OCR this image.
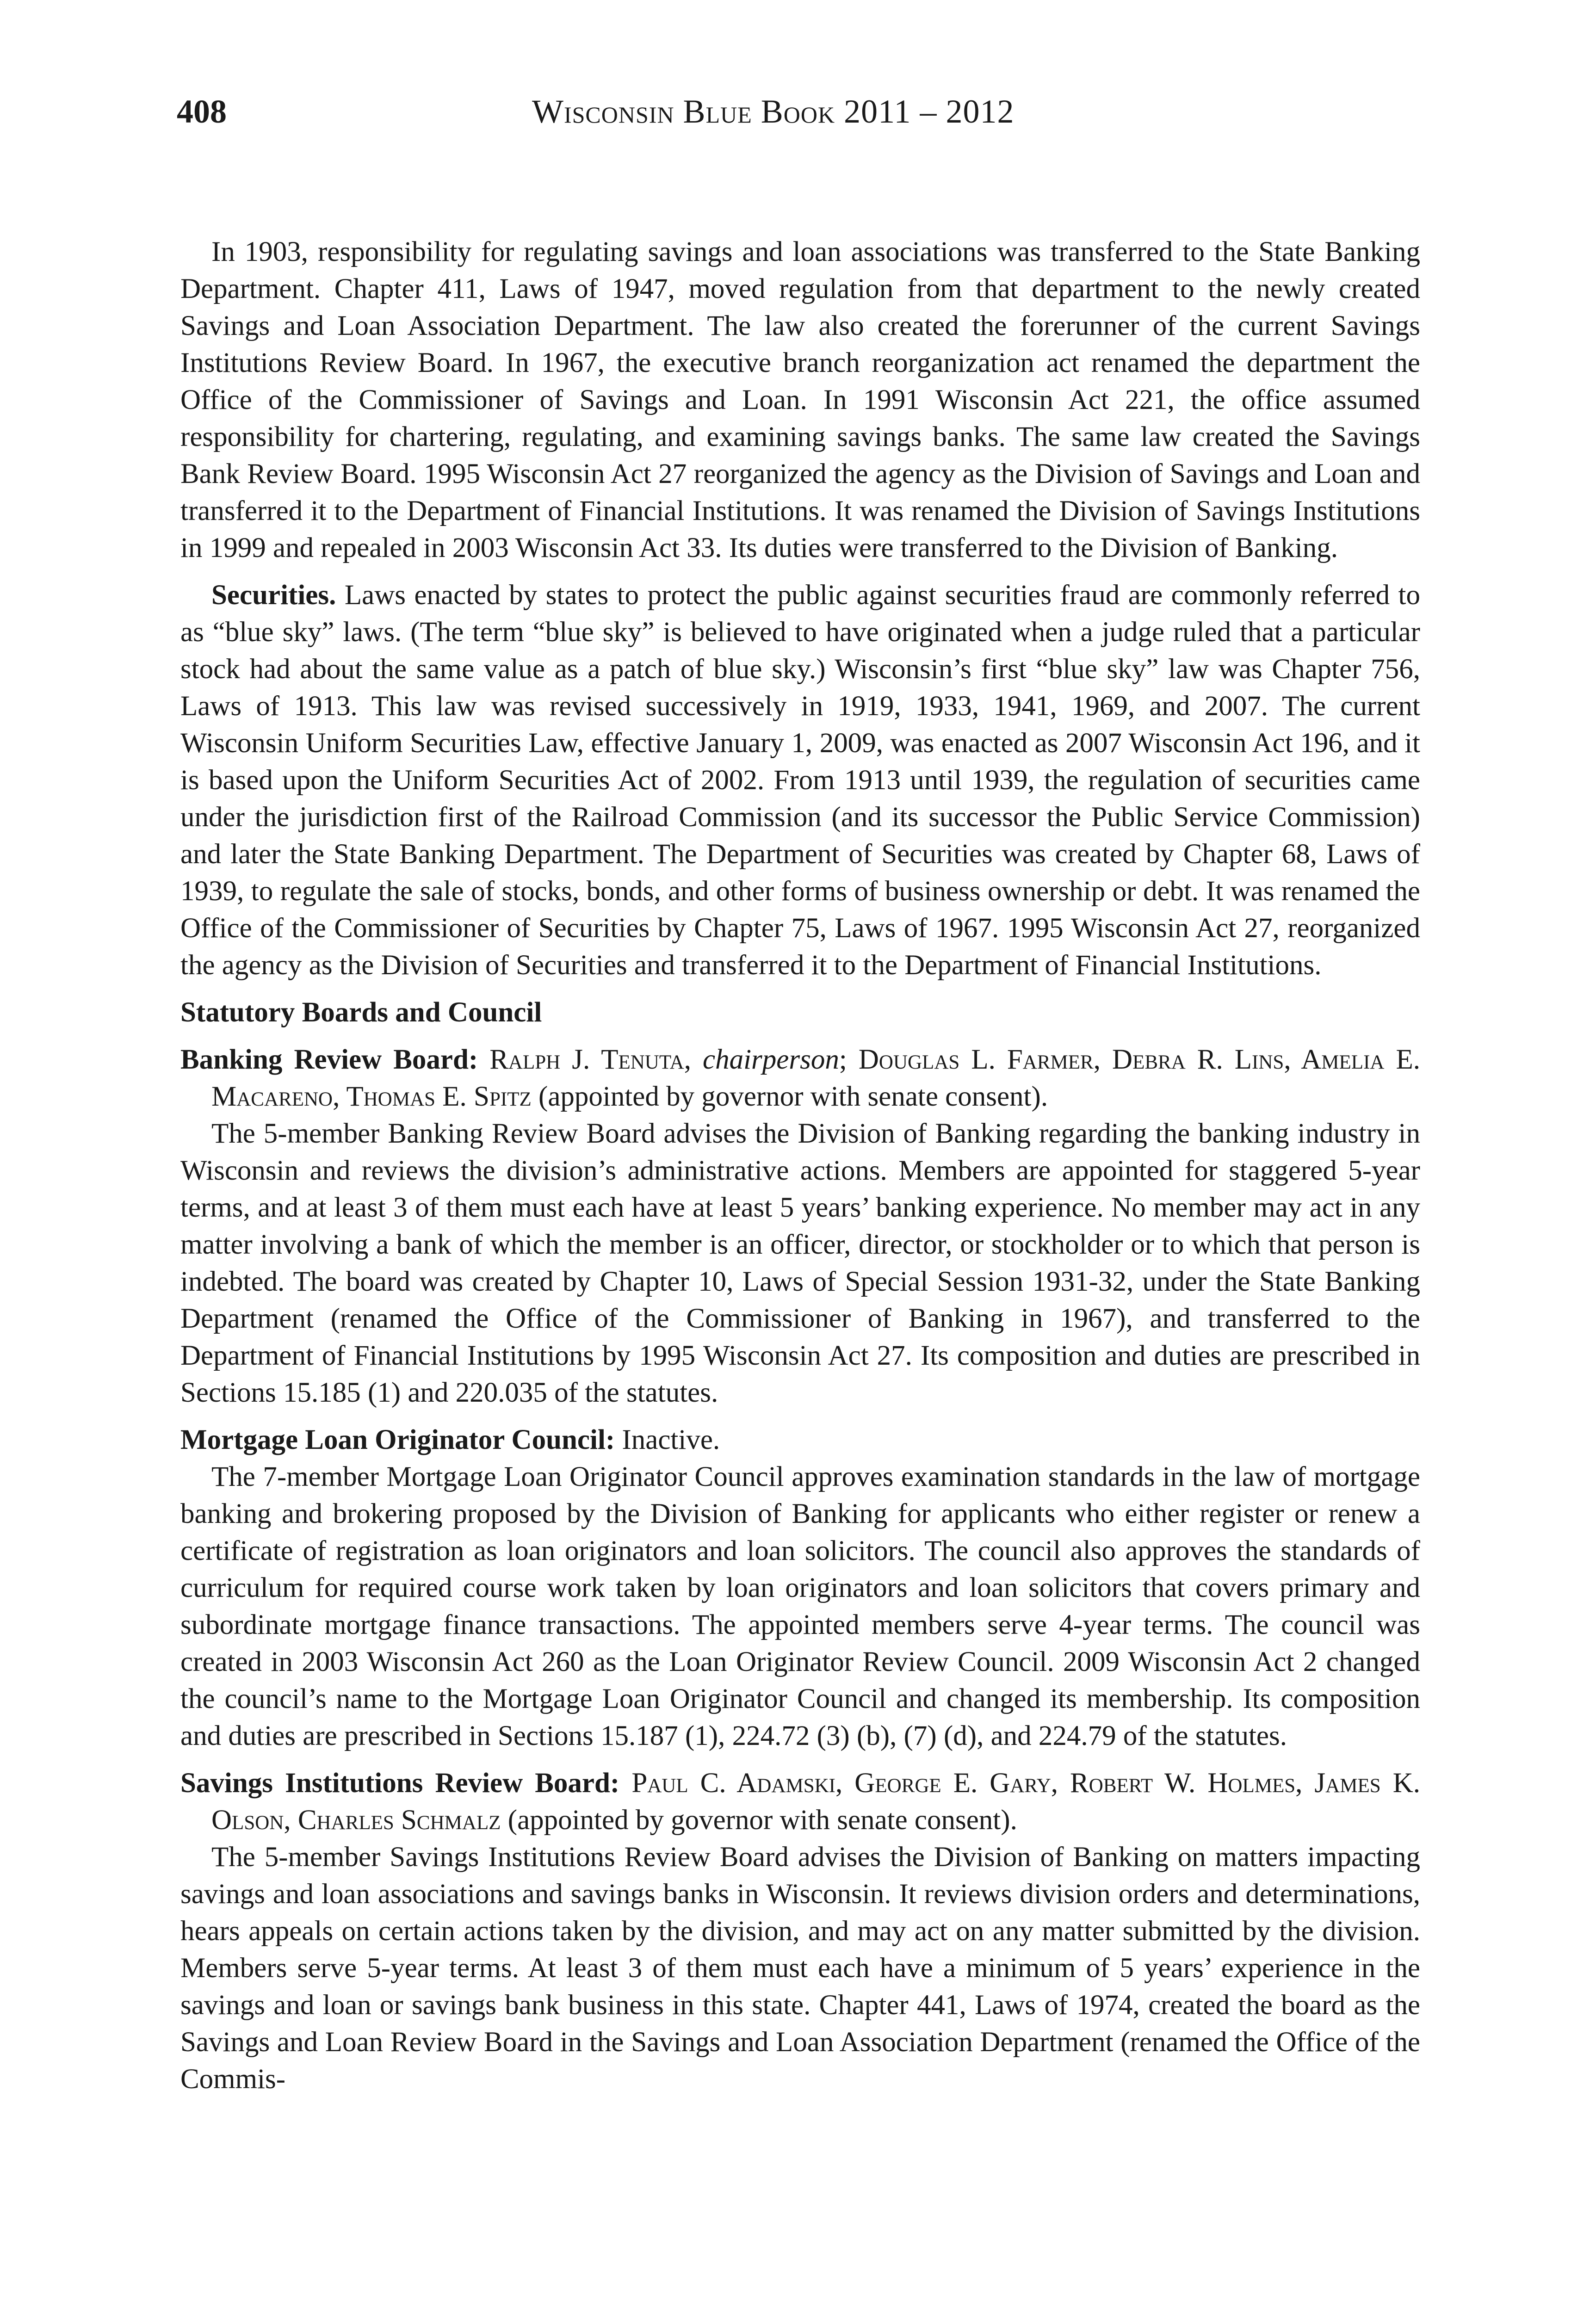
408	Wisconsin Blue Book 2011 – 2012

In 1903, responsibility for regulating savings and loan associations was transferred to the State Banking Department. Chapter 411, Laws of 1947, moved regulation from that department to the newly created Savings and Loan Association Department. The law also created the forerunner of the current Savings Institutions Review Board. In 1967, the executive branch reorganization act renamed the department the Office of the Commissioner of Savings and Loan. In 1991 Wisconsin Act 221, the office assumed responsibility for chartering, regulating, and examining savings banks. The same law created the Savings Bank Review Board. 1995 Wisconsin Act 27 reorganized the agency as the Division of Savings and Loan and transferred it to the Department of Financial Institutions. It was renamed the Division of Savings Institutions in 1999 and repealed in 2003 Wisconsin Act 33. Its duties were transferred to the Division of Banking.

Securities. Laws enacted by states to protect the public against securities fraud are commonly referred to as “blue sky” laws. (The term “blue sky” is believed to have originated when a judge ruled that a particular stock had about the same value as a patch of blue sky.) Wisconsin’s first “blue sky” law was Chapter 756, Laws of 1913. This law was revised successively in 1919, 1933, 1941, 1969, and 2007. The current Wisconsin Uniform Securities Law, effective January 1, 2009, was enacted as 2007 Wisconsin Act 196, and it is based upon the Uniform Securities Act of 2002. From 1913 until 1939, the regulation of securities came under the jurisdiction first of the Railroad Commission (and its successor the Public Service Commission) and later the State Banking Department. The Department of Securities was created by Chapter 68, Laws of 1939, to regulate the sale of stocks, bonds, and other forms of business ownership or debt. It was renamed the Office of the Commissioner of Securities by Chapter 75, Laws of 1967. 1995 Wisconsin Act 27, reorganized the agency as the Division of Securities and transferred it to the Department of Financial Institutions.

Statutory Boards and Council
Banking Review Board: Ralph J. Tenuta, chairperson; Douglas L. Farmer, Debra R. Lins, Amelia E. Macareno, Thomas E. Spitz (appointed by governor with senate consent).

The 5-member Banking Review Board advises the Division of Banking regarding the banking industry in Wisconsin and reviews the division’s administrative actions. Members are appointed for staggered 5-year terms, and at least 3 of them must each have at least 5 years’ banking experience. No member may act in any matter involving a bank of which the member is an officer, director, or stockholder or to which that person is indebted. The board was created by Chapter 10, Laws of Special Session 1931-32, under the State Banking Department (renamed the Office of the Commissioner of Banking in 1967), and transferred to the Department of Financial Institutions by 1995 Wisconsin Act 27. Its composition and duties are prescribed in Sections 15.185 (1) and 220.035 of the statutes.

Mortgage Loan Originator Council: Inactive.

The 7-member Mortgage Loan Originator Council approves examination standards in the law of mortgage banking and brokering proposed by the Division of Banking for applicants who either register or renew a certificate of registration as loan originators and loan solicitors. The council also approves the standards of curriculum for required course work taken by loan originators and loan solicitors that covers primary and subordinate mortgage finance transactions. The appointed members serve 4-year terms. The council was created in 2003 Wisconsin Act 260 as the Loan Originator Review Council. 2009 Wisconsin Act 2 changed the council’s name to the Mortgage Loan Originator Council and changed its membership. Its composition and duties are prescribed in Sections 15.187 (1), 224.72 (3) (b), (7) (d), and 224.79 of the statutes.

Savings Institutions Review Board: Paul C. Adamski, George E. Gary, Robert W. Holmes, James K. Olson, Charles Schmalz (appointed by governor with senate consent).

The 5-member Savings Institutions Review Board advises the Division of Banking on matters impacting savings and loan associations and savings banks in Wisconsin. It reviews division orders and determinations, hears appeals on certain actions taken by the division, and may act on any matter submitted by the division. Members serve 5-year terms. At least 3 of them must each have a minimum of 5 years’ experience in the savings and loan or savings bank business in this state. Chapter 441, Laws of 1974, created the board as the Savings and Loan Review Board in the Savings and Loan Association Department (renamed the Office of the Commis-
